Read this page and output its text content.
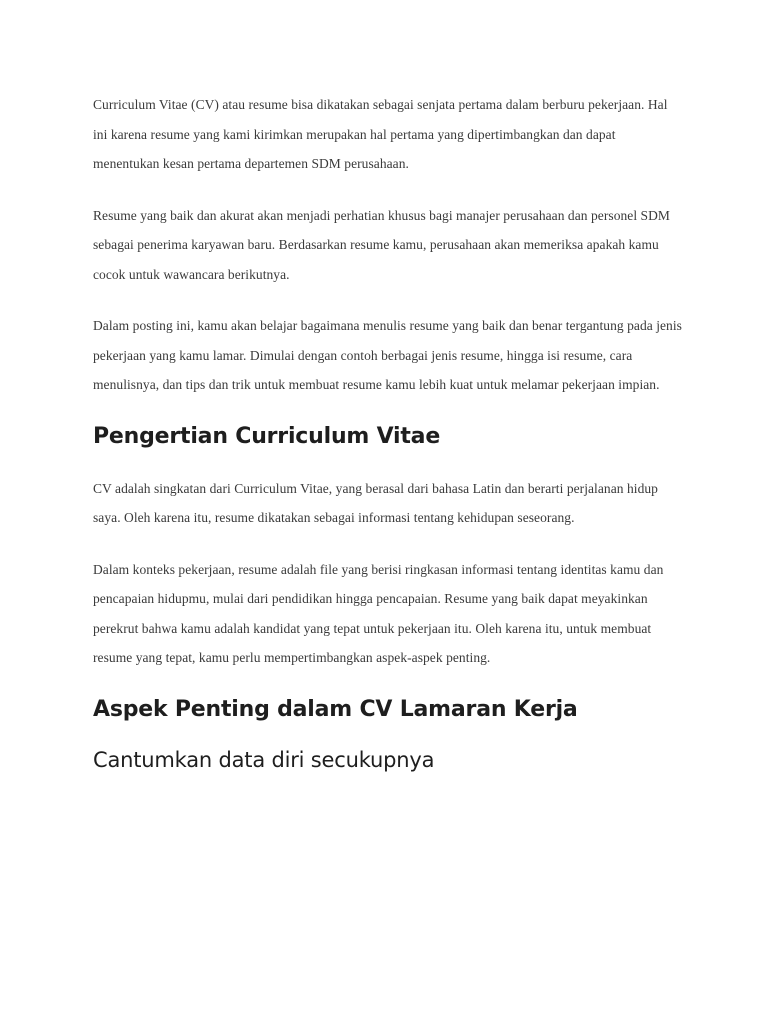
Curriculum Vitae (CV) atau resume bisa dikatakan sebagai senjata pertama dalam berburu pekerjaan. Hal ini karena resume yang kami kirimkan merupakan hal pertama yang dipertimbangkan dan dapat menentukan kesan pertama departemen SDM perusahaan.

Resume yang baik dan akurat akan menjadi perhatian khusus bagi manajer perusahaan dan personel SDM sebagai penerima karyawan baru. Berdasarkan resume kamu, perusahaan akan memeriksa apakah kamu cocok untuk wawancara berikutnya.

Dalam posting ini, kamu akan belajar bagaimana menulis resume yang baik dan benar tergantung pada jenis pekerjaan yang kamu lamar. Dimulai dengan contoh berbagai jenis resume, hingga isi resume, cara menulisnya, dan tips dan trik untuk membuat resume kamu lebih kuat untuk melamar pekerjaan impian.

Pengertian Curriculum Vitae

CV adalah singkatan dari Curriculum Vitae, yang berasal dari bahasa Latin dan berarti perjalanan hidup saya. Oleh karena itu, resume dikatakan sebagai informasi tentang kehidupan seseorang.

Dalam konteks pekerjaan, resume adalah file yang berisi ringkasan informasi tentang identitas kamu dan pencapaian hidupmu, mulai dari pendidikan hingga pencapaian. Resume yang baik dapat meyakinkan perekrut bahwa kamu adalah kandidat yang tepat untuk pekerjaan itu. Oleh karena itu, untuk membuat resume yang tepat, kamu perlu mempertimbangkan aspek-aspek penting.

Aspek Penting dalam CV Lamaran Kerja
Cantumkan data diri secukupnya
